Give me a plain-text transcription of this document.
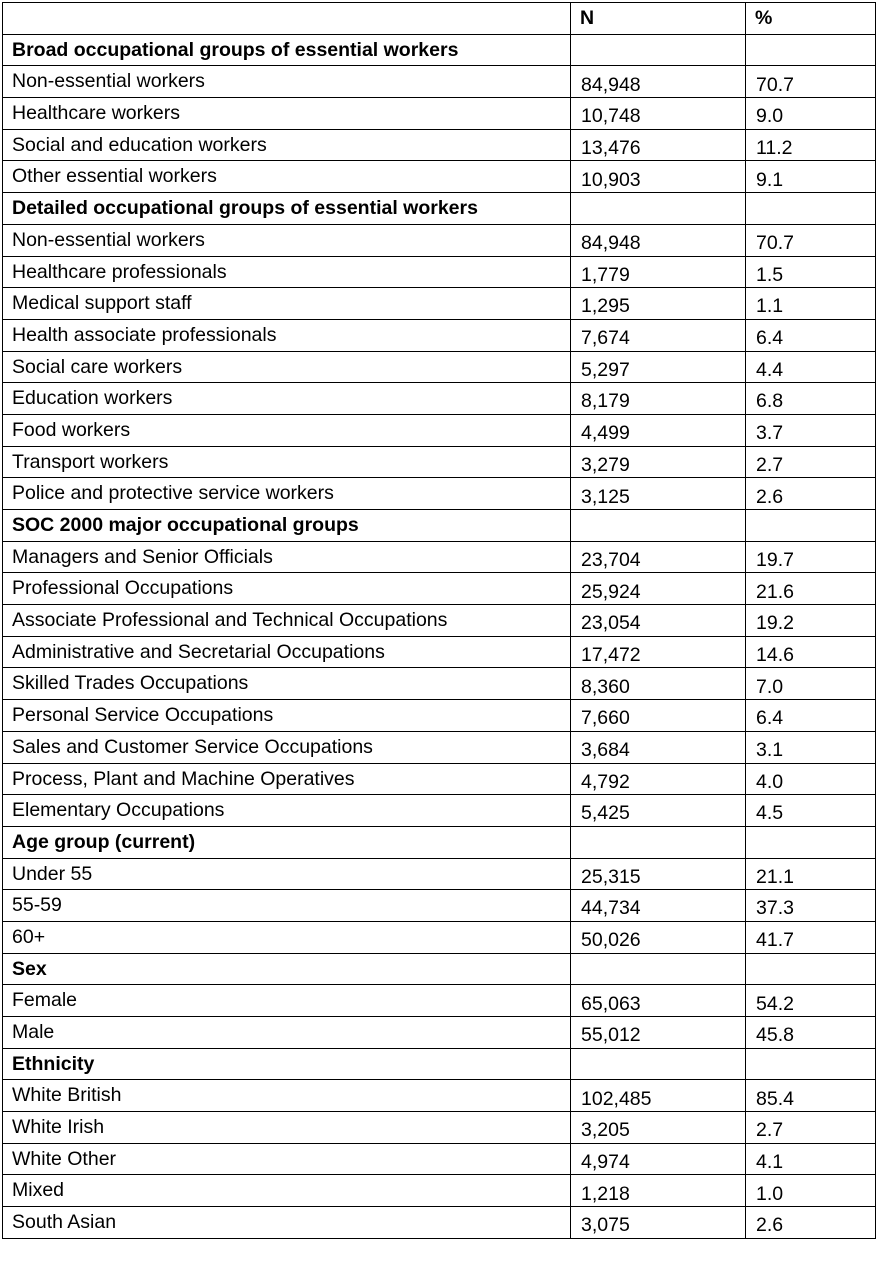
	N	%
Broad occupational groups of essential workers		
Non-essential workers	84,948	70.7
Healthcare workers	10,748	9.0
Social and education workers	13,476	11.2
Other essential workers	10,903	9.1
Detailed occupational groups of essential workers		
Non-essential workers	84,948	70.7
Healthcare professionals	1,779	1.5
Medical support staff	1,295	1.1
Health associate professionals	7,674	6.4
Social care workers	5,297	4.4
Education workers	8,179	6.8
Food workers	4,499	3.7
Transport workers	3,279	2.7
Police and protective service workers	3,125	2.6
SOC 2000 major occupational groups		
Managers and Senior Officials	23,704	19.7
Professional Occupations	25,924	21.6
Associate Professional and Technical Occupations	23,054	19.2
Administrative and Secretarial Occupations	17,472	14.6
Skilled Trades Occupations	8,360	7.0
Personal Service Occupations	7,660	6.4
Sales and Customer Service Occupations	3,684	3.1
Process, Plant and Machine Operatives	4,792	4.0
Elementary Occupations	5,425	4.5
Age group (current)		
Under 55	25,315	21.1
55-59	44,734	37.3
60+	50,026	41.7
Sex		
Female	65,063	54.2
Male	55,012	45.8
Ethnicity		
White British	102,485	85.4
White Irish	3,205	2.7
White Other	4,974	4.1
Mixed	1,218	1.0
South Asian	3,075	2.6
